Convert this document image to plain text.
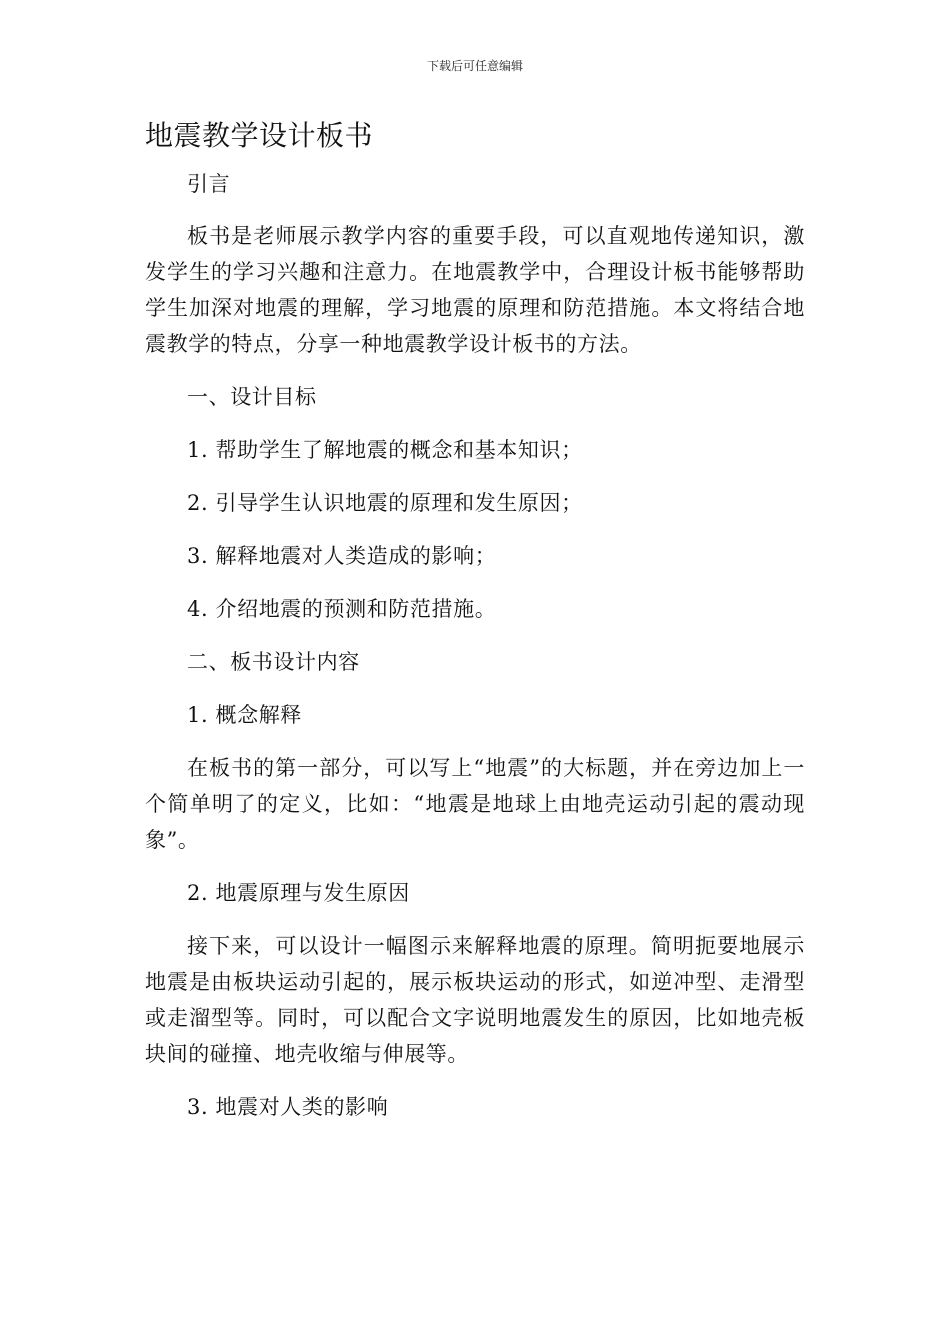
下载后可任意编辑
地震教学设计板书

引言

板书是老师展示教学内容的重要手段，可以直观地传递知识，激发学生的学习兴趣和注意力。在地震教学中，合理设计板书能够帮助学生加深对地震的理解，学习地震的原理和防范措施。本文将结合地震教学的特点，分享一种地震教学设计板书的方法。

一、设计目标

1. 帮助学生了解地震的概念和基本知识；

2. 引导学生认识地震的原理和发生原因；

3. 解释地震对人类造成的影响；

4. 介绍地震的预测和防范措施。

二、板书设计内容

1. 概念解释

在板书的第一部分，可以写上“地震”的大标题，并在旁边加上一个简单明了的定义，比如：“地震是地球上由地壳运动引起的震动现象”。

2. 地震原理与发生原因

接下来，可以设计一幅图示来解释地震的原理。简明扼要地展示地震是由板块运动引起的，展示板块运动的形式，如逆冲型、走滑型或走溜型等。同时，可以配合文字说明地震发生的原因，比如地壳板块间的碰撞、地壳收缩与伸展等。

3. 地震对人类的影响
